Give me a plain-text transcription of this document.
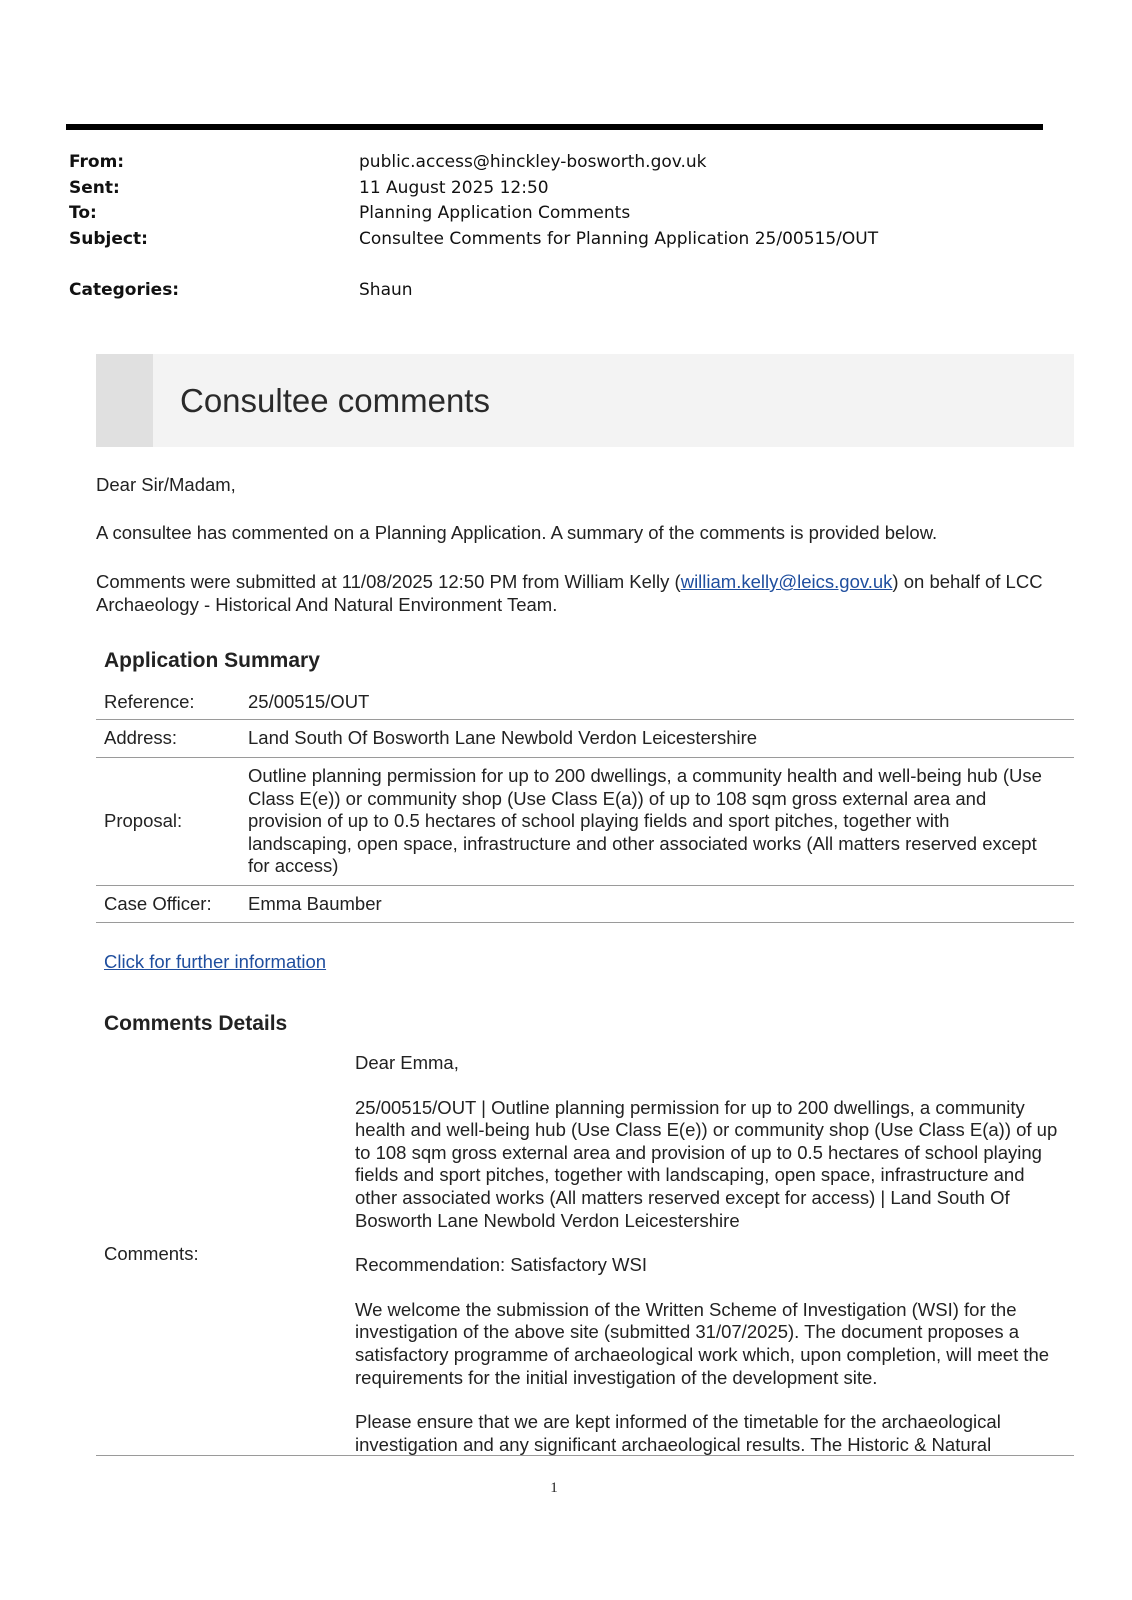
From:	public.access@hinckley-bosworth.gov.uk
Sent:	11 August 2025 12:50
To:	Planning Application Comments
Subject:	Consultee Comments for Planning Application 25/00515/OUT
Categories:	Shaun
Consultee comments
Dear Sir/Madam,
A consultee has commented on a Planning Application. A summary of the comments is provided below.
Comments were submitted at 11/08/2025 12:50 PM from William Kelly (william.kelly@leics.gov.uk) on behalf of LCC Archaeology - Historical And Natural Environment Team.
Application Summary
Reference:	25/00515/OUT
Address:	Land South Of Bosworth Lane Newbold Verdon Leicestershire
Proposal:
Outline planning permission for up to 200 dwellings, a community health and well-being hub (Use Class E(e)) or community shop (Use Class E(a)) of up to 108 sqm gross external area and provision of up to 0.5 hectares of school playing fields and sport pitches, together with landscaping, open space, infrastructure and other associated works (All matters reserved except for access)
Case Officer:	Emma Baumber
Click for further information
Comments Details
Comments:

Dear Emma,

25/00515/OUT | Outline planning permission for up to 200 dwellings, a community health and well-being hub (Use Class E(e)) or community shop (Use Class E(a)) of up to 108 sqm gross external area and provision of up to 0.5 hectares of school playing fields and sport pitches, together with landscaping, open space, infrastructure and other associated works (All matters reserved except for access) | Land South Of Bosworth Lane Newbold Verdon Leicestershire

Recommendation: Satisfactory WSI

We welcome the submission of the Written Scheme of Investigation (WSI) for the investigation of the above site (submitted 31/07/2025). The document proposes a satisfactory programme of archaeological work which, upon completion, will meet the requirements for the initial investigation of the development site.

Please ensure that we are kept informed of the timetable for the archaeological investigation and any significant archaeological results. The Historic & Natural

1
